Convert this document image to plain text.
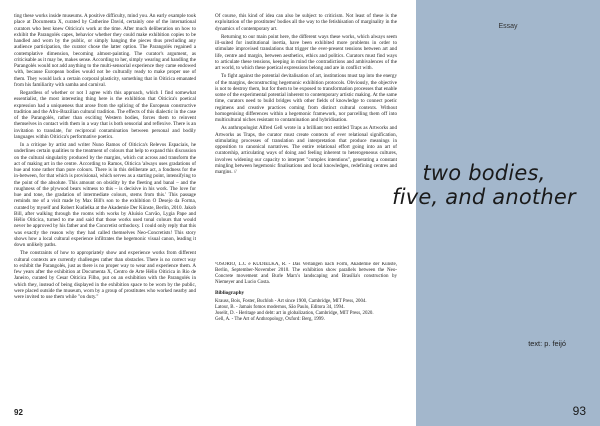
ting these works inside museums. A positive difficulty, mind you. An early example took place at Documenta X, curated by Catherine David, certainly one of the international curators who best knew Oiticica's work at the time. After much deliberation on how to exhibit the Parangolés capes, behavior whether they could make exhibition copies to be handled and worn by the public, or simply hanging the pieces thus precluding any audience participation, the curator chose the latter option. The Parangolés regained a contemplative dimension, becoming almost-painting. The curator's argument, as criticisable as it may be, makes sense. According to her, simply wearing and handling the Parangolés would not add anything to the multi-sensorial experience they came endowed with, because European bodies would not be culturally ready to make proper use of them. They would lack a certain corporal plasticity, something that in Oiticica emanated from his familiarity with samba and carnival.

Regardless of whether or not I agree with this approach, which I find somewhat essentialist, the most interesting thing here is the exhibition that Oiticica's poetical expression had a uniqueness that arose from the splicing of the European constructive tradition and the Afro-Brazilian cultural tradition. The effects of this dialectic in the case of the Parangolés, rather than exciting Western bodies, forces them to reinvent themselves in contact with them in a way that is both sensorial and reflexive. There is an invitation to translate, for reciprocal contamination between personal and bodily languages within Oiticica's performative poetics.

In a critique by artist and writer Nuno Ramos of Oiticica's Relevos Espaciais, he underlines certain qualities to the treatment of colours that help to expand this discussion on the cultural singularity produced by the margins, which cut across and transform the act of making art in the centre. According to Ramos, Oiticica 'always uses gradations of hue and tone rather than pure colours. There is in this deliberate act, a fondness for the in-between, for that which is provisional, which serves as a starting point, intensifying to the point of the absolute. This amount on obsidity by the fleeting and banal – and the roughness of the plywood bears witness to this – is decisive in his work. The love for hue and tone, the gradation of intermediate colours, stems from this.' This passage reminds me of a visit made by Max Bill's son to the exhibition O Desejo da Forma, curated by myself and Robert Kudielka at the Akademie Der Künste, Berlin, 2010. Jakob Bill, after walking through the rooms with works by Aluísio Carvão, Lygia Pape and Hélio Oiticica, turned to me and said that those works used tonal colours that would never be approved by his father and the Concretist orthodoxy. I could only reply that this was exactly the reason why they had called themselves Neo-Concretists! This story shows how a local cultural experience infiltrates the hegemonic visual canon, leading it down unlikely paths.

The constraints of how to appropriately show and experience works from different cultural contexts are currently challenges rather than obstacles. There is no correct way to exhibit the Parangolés, just as there is no proper way to wear and experience them. A few years after the exhibition at Documenta X, Centro de Arte Hélio Oiticica in Rio de Janeiro, curated by Cesar Oiticica Filho, put on an exhibition with the Parangolés in which they, instead of being displayed in the exhibition space to be worn by the public, were placed outside the museum, worn by a group of prostitutes who worked nearby and were invited to use them while "on duty."

Of course, this kind of idea can also be subject to criticism. Not least of these is the exploitation of the prostitutes' bodies all the way to the fetishisation of marginality in the dynamics of contemporary art.

Returning to our main point here, the different ways these works, which always seem ill-suited for institutional inertia, have been exhibited more problems in order to stimulate improvised translations that trigger the ever-present tensions between art and life, centre and margin, between aesthetics, ethics and politics. Curators must find ways to articulate these tensions, keeping in mind the contradictions and ambivalences of the art world, to which these poetical expressions belong and are in conflict with.

To fight against the potential devitalisation of art, institutions must tap into the energy of the margins, deconstructing hegemonic exhibition protocols. Obviously, the objective is not to destroy them, but for them to be exposed to transformation processes that enable some of the experimental potential inherent to contemporary artistic making. At the same time, curators need to build bridges with other fields of knowledge to connect poetic regimens and creative practices coming from distinct cultural contexts. Without homogenising differences within a hegemonic framework, nor parcelling them off into multicultural niches resistant to contamination and hybridisation.

As anthropologist Alfred Gell wrote in a brilliant text entitled Traps as Artworks and Artworks as Traps, the curator must create contexts of ever relational signification, stimulating processes of translation and interpretation that produce meanings in opposition to canonical narratives. The entire relational effort going into an art of curatorship, articulating ways of doing and feeling inherent to heterogeneous cultures, involves widening our capacity to interpret "complex intentions", generating a constant mingling between hegemonic finalisations and local knowledges, redefining centres and margins. //

¹OSORIO, L.C e KUDIELKA, R. - Das Verlangen nach Form, Akademie der Künste, Berlin, September-November 2010. The exhibition show parallels between the Neo-Concrete movement and Burle Marx's landscaping and Brasília's construction by Niemeyer and Lucio Costa.

Bibliography

Krauss, Bois, Foster, Buchloh - Art since 1900, Cambridge, MIT Press, 2004.

Latour, B. - Jamais fomos modernos, São Paulo, Editora 34, 1994.

Joselit, D. - Heritage and debt: art in globalization, Cambridge, MIT Press, 2020.

Gell, A. - The Art of Anthropology, Oxford: Berg, 1999.

92
Essay
two bodies,
five, and another
text: p. feijó
93
